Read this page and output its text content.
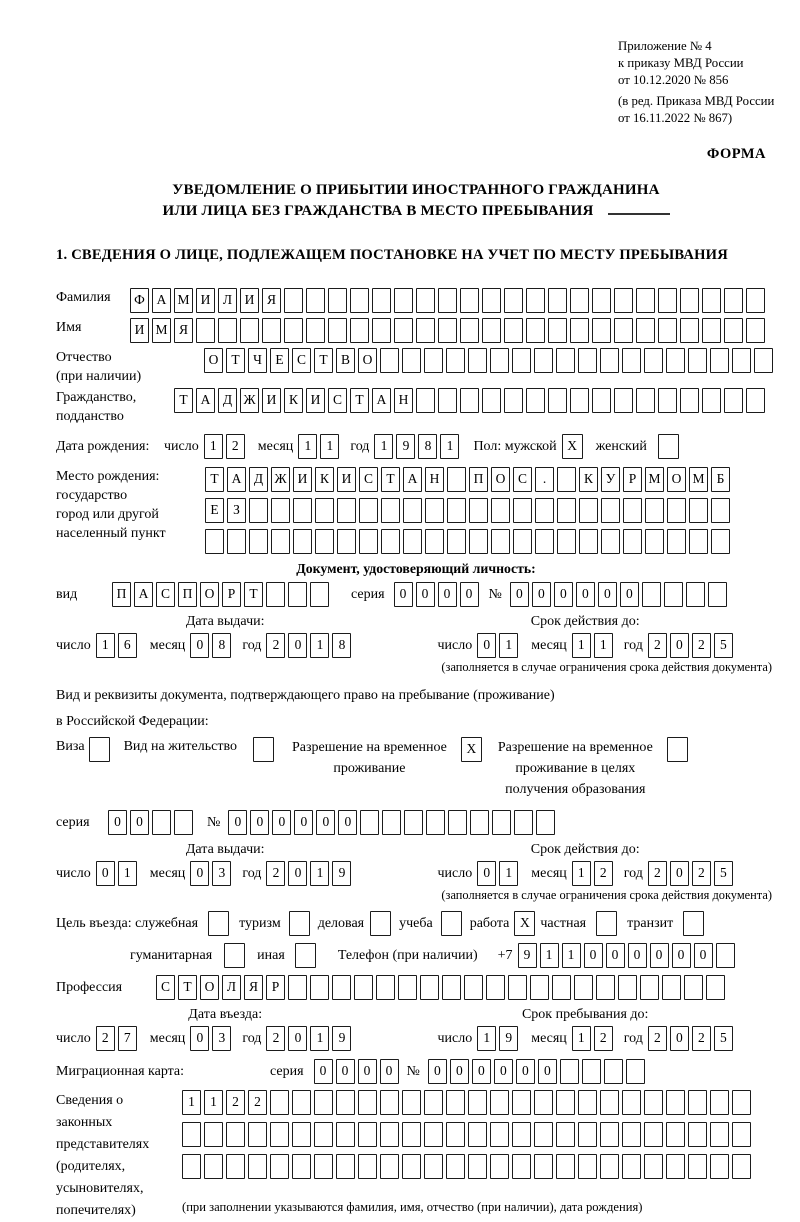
Приложение № 4
к приказу МВД России
от 10.12.2020 № 856
(в ред. Приказа МВД России
от 16.11.2022 № 867)
ФОРМА
УВЕДОМЛЕНИЕ О ПРИБЫТИИ ИНОСТРАННОГО ГРАЖДАНИНА
ИЛИ ЛИЦА БЕЗ ГРАЖДАНСТВА В МЕСТО ПРЕБЫВАНИЯ
1. СВЕДЕНИЯ О ЛИЦЕ, ПОДЛЕЖАЩЕМ ПОСТАНОВКЕ НА УЧЕТ ПО МЕСТУ ПРЕБЫВАНИЯ
Фамилия	Ф А М И Л И Я
Имя	И М Я
Отчество
(при наличии)
О Т Ч Е С Т В О
Гражданство,
подданство
Т А Д Ж И К И С Т А Н
Дата рождения:	число 1	2	месяц 1	1	год 1	9	8	1	Пол: мужской X	женский
Место рождения:
государство
город или другой
населенный пункт
Т А Д Ж И К И С Т А Н	П О С	.	К У Р М О М Б
Е	З
Документ, удостоверяющий личность:
вид	П А С П О Р	Т	серия	0	0	0	0	№	0	0	0	0	0	0
Дата выдачи:
число 1	6	месяц 0	8	год 2	0	1	8
Срок действия до:
число 0	1	месяц 1	1	год 2	0	2	5
(заполняется в случае ограничения срока действия документа)
Вид и реквизиты документа, подтверждающего право на пребывание (проживание)
в Российской Федерации:
Виза	Вид на жительство	Разрешение на временное
проживание
X	Разрешение на временное
проживание в целях
получения образования
серия	0	0	№	0	0	0	0	0	0
Дата выдачи:
число 0	1	месяц 0	3	год 2	0	1	9
Срок действия до:
число 0	1	месяц 1	2	год 2	0	2	5
(заполняется в случае ограничения срока действия документа)
Цель въезда: служебная	туризм	деловая	учеба	работа X частная	транзит
гуманитарная	иная	Телефон (при наличии) +7 9	1	1	0	0	0	0	0	0
Профессия	С Т О Л Я	Р
Дата въезда:
число 2	7	месяц 0	3	год 2	0	1	9
Срок пребывания до:
число 1	9	месяц 1	2	год 2	0	2	5
Миграционная карта:	серия	0	0	0	0	№	0	0	0	0	0	0
Сведения о
законных
представителях
(родителях,
усыновителях,
попечителях)
1	1	2	2
(при заполнении указываются фамилия, имя, отчество (при наличии), дата рождения)
